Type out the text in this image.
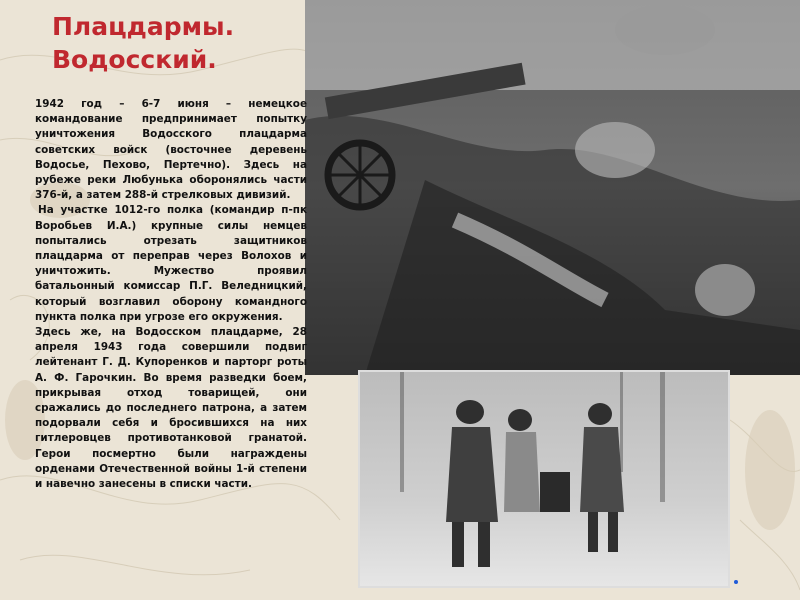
Плацдармы.
Водосский.

1942 год – 6-7 июня – немецкое командование предпринимает попытку уничтожения Водосского плацдарма советских войск (восточнее деревень Водосье, Пехово, Пертечно). Здесь на рубеже реки Любунька оборонялись части 376-й, а затем 288-й стрелковых дивизий.

На участке 1012-го полка (командир п-пк Воробьев И.А.) крупные силы немцев попытались отрезать защитников плацдарма от переправ через Волохов и уничтожить. Мужество проявил батальонный комиссар П.Г. Веледницкий, который возглавил оборону командного пункта полка при угрозе его окружения.

Здесь же, на Водосском плацдарме, 28 апреля 1943 года совершили подвиг лейтенант Г. Д. Купоренков и парторг роты А. Ф. Гарочкин. Во время разведки боем, прикрывая отход товарищей, они сражались до последнего патрона, а затем подорвали себя и бросившихся на них гитлеровцев противотанковой гранатой. Герои посмертно были награждены орденами Отечественной войны 1-й степени и навечно занесены в списки части.
